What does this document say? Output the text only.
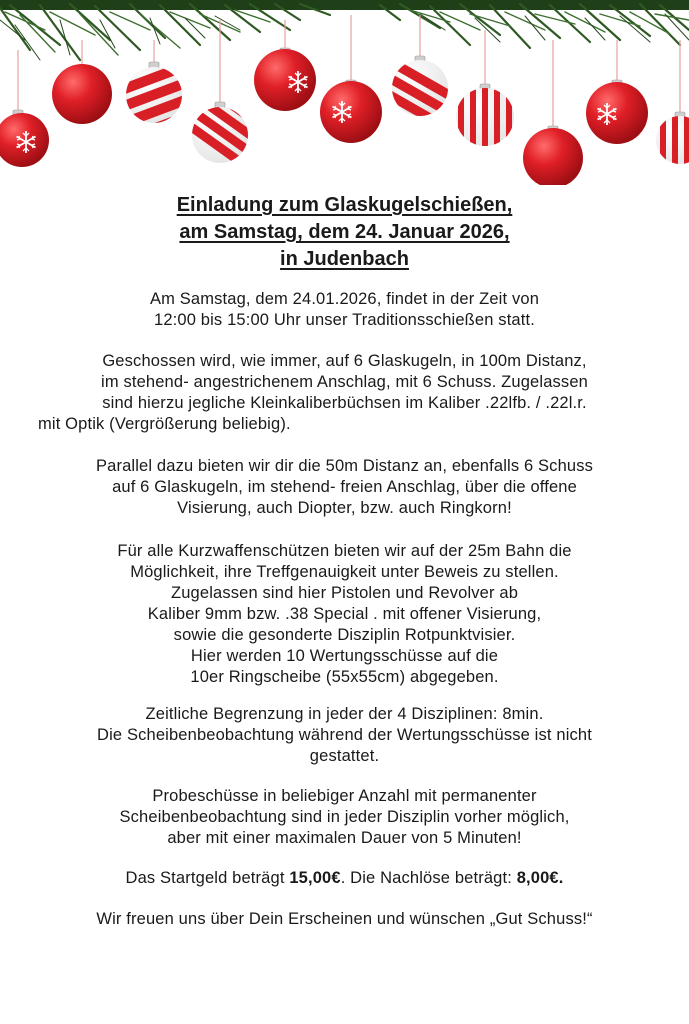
Einladung zum Glaskugelschießen,
am Samstag, dem 24. Januar 2026,
in Judenbach

Am Samstag, dem 24.01.2026, findet in der Zeit von

12:00 bis 15:00 Uhr unser Traditionsschießen statt.

Geschossen wird, wie immer, auf 6 Glaskugeln, in 100m Distanz,

im stehend- angestrichenem Anschlag, mit 6 Schuss. Zugelassen

sind hierzu jegliche Kleinkaliberbüchsen im Kaliber .22lfb. / .22l.r.

mit Optik (Vergrößerung beliebig).

Parallel dazu bieten wir dir die 50m Distanz an, ebenfalls 6 Schuss

auf 6 Glaskugeln, im stehend- freien Anschlag, über die offene

Visierung, auch Diopter, bzw. auch Ringkorn!

Für alle Kurzwaffenschützen bieten wir auf der 25m Bahn die

Möglichkeit, ihre Treffgenauigkeit unter Beweis zu stellen.

Zugelassen sind hier Pistolen und Revolver ab

Kaliber 9mm bzw. .38 Special . mit offener Visierung,

sowie die gesonderte Disziplin Rotpunktvisier.

Hier werden 10 Wertungsschüsse auf die

10er Ringscheibe (55x55cm) abgegeben.

Zeitliche Begrenzung in jeder der 4 Disziplinen: 8min.

Die Scheibenbeobachtung während der Wertungsschüsse ist nicht

gestattet.

Probeschüsse in beliebiger Anzahl mit permanenter

Scheibenbeobachtung sind in jeder Disziplin vorher möglich,

aber mit einer maximalen Dauer von 5 Minuten!

Das Startgeld beträgt 15,00€. Die Nachlöse beträgt: 8,00€.

Wir freuen uns über Dein Erscheinen und wünschen „Gut Schuss!“
